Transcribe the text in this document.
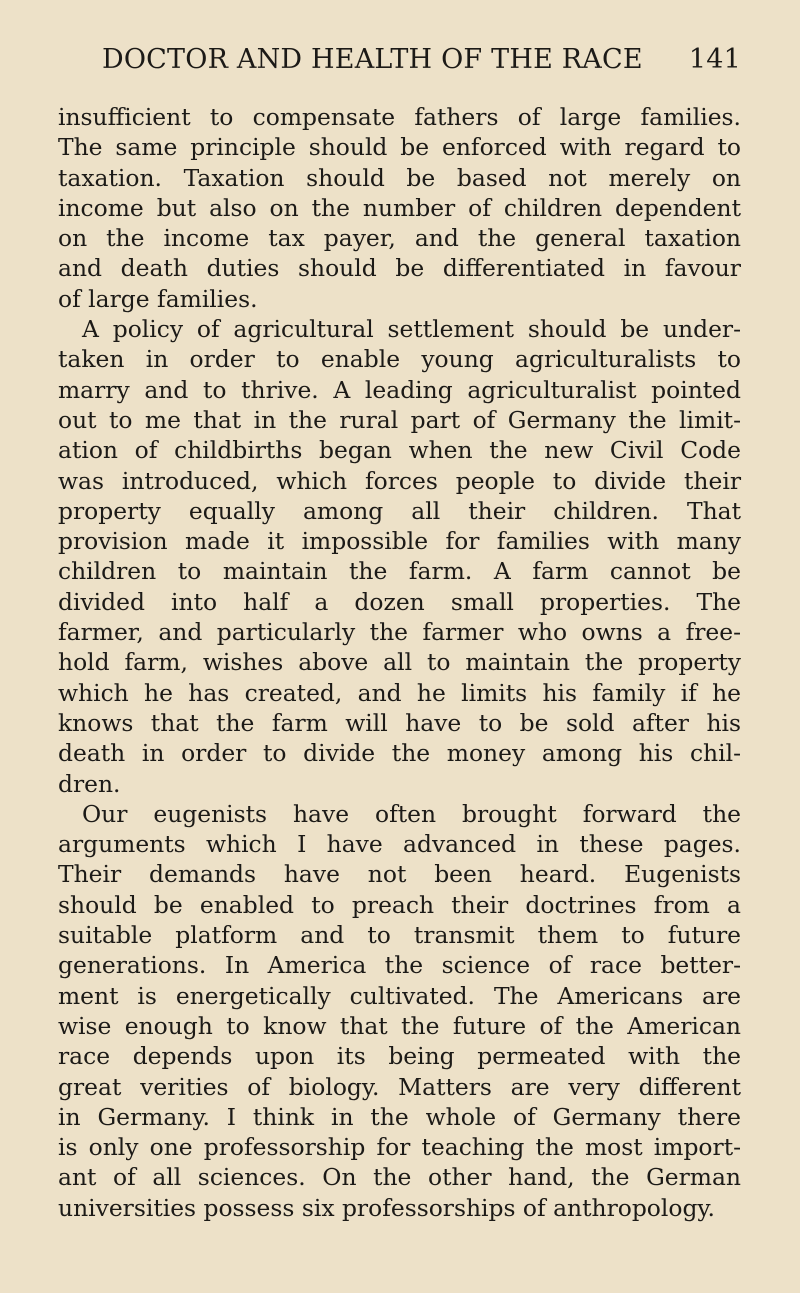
DOCTOR AND HEALTH OF THE RACE 141
insufficient to compensate fathers of large families.
The same principle should be enforced with regard to
taxation. Taxation should be based not merely on
income but also on the number of children dependent
on the income tax payer, and the general taxation
and death duties should be differentiated in favour
of large families.
A policy of agricultural settlement should be under-
taken in order to enable young agriculturalists to
marry and to thrive. A leading agriculturalist pointed
out to me that in the rural part of Germany the limit-
ation of childbirths began when the new Civil Code
was introduced, which forces people to divide their
property equally among all their children. That
provision made it impossible for families with many
children to maintain the farm. A farm cannot be
divided into half a dozen small properties. The
farmer, and particularly the farmer who owns a free-
hold farm, wishes above all to maintain the property
which he has created, and he limits his family if he
knows that the farm will have to be sold after his
death in order to divide the money among his chil-
dren.
Our eugenists have often brought forward the
arguments which I have advanced in these pages.
Their demands have not been heard. Eugenists
should be enabled to preach their doctrines from a
suitable platform and to transmit them to future
generations. In America the science of race better-
ment is energetically cultivated. The Americans are
wise enough to know that the future of the American
race depends upon its being permeated with the
great verities of biology. Matters are very different
in Germany. I think in the whole of Germany there
is only one professorship for teaching the most import-
ant of all sciences. On the other hand, the German
universities possess six professorships of anthropology.
